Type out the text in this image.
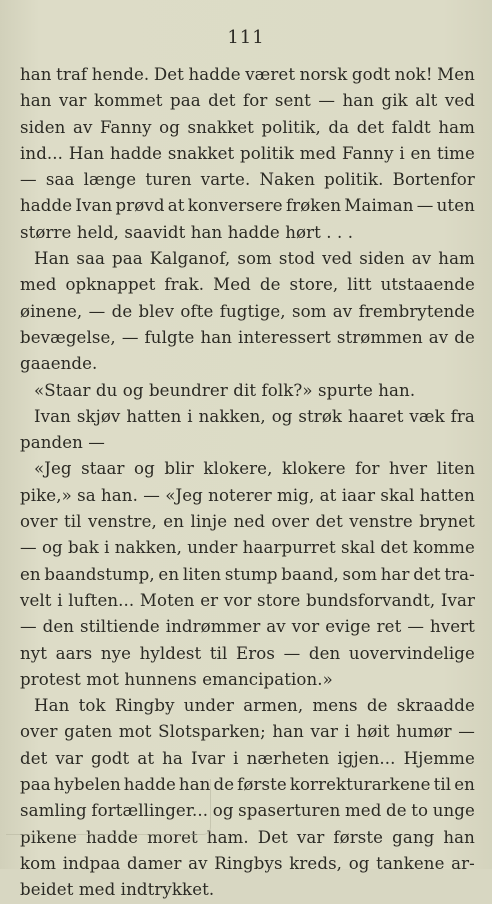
111
han traf hende. Det hadde været norsk godt nok! Men
han var kommet paa det for sent — han gik alt ved
siden av Fanny og snakket politik, da det faldt ham
ind... Han hadde snakket politik med Fanny i en time
— saa længe turen varte. Naken politik. Bortenfor
hadde Ivan prøvd at konversere frøken Maiman — uten
større held, saavidt han hadde hørt . . .
Han saa paa Kalganof, som stod ved siden av ham
med opknappet frak. Med de store, litt utstaaende
øinene, — de blev ofte fugtige, som av frembrytende
bevægelse, — fulgte han interessert strømmen av de
gaaende.
«Staar du og beundrer dit folk?» spurte han.
Ivan skjøv hatten i nakken, og strøk haaret væk fra
panden —
«Jeg staar og blir klokere, klokere for hver liten
pike,» sa han. — «Jeg noterer mig, at iaar skal hatten
over til venstre, en linje ned over det venstre brynet
— og bak i nakken, under haarpurret skal det komme
en baandstump, en liten stump baand, som har det tra-
velt i luften... Moten er vor store bundsforvandt, Ivar
— den stiltiende indrømmer av vor evige ret — hvert
nyt aars nye hyldest til Eros — den uovervindelige
protest mot hunnens emancipation.»
Han tok Ringby under armen, mens de skraadde
over gaten mot Slotsparken; han var i høit humør —
det var godt at ha Ivar i nærheten igjen... Hjemme
paa hybelen hadde han de første korrekturarkene til en
samling fortællinger... og spaserturen med de to unge
pikene hadde moret ham. Det var første gang han
kom indpaa damer av Ringbys kreds, og tankene ar-
beidet med indtrykket.
